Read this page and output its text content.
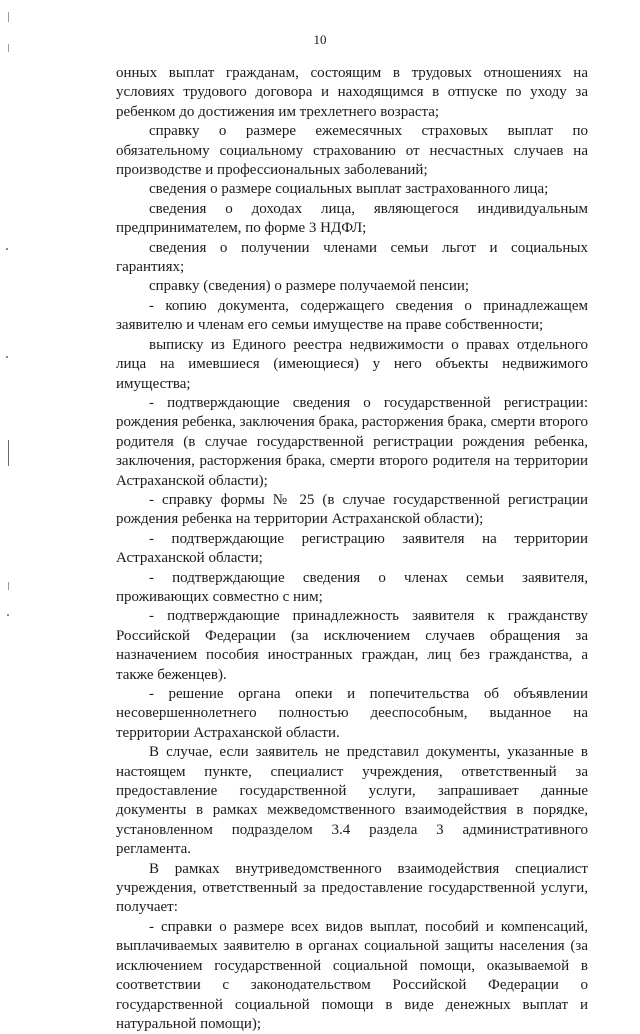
10

онных выплат гражданам, состоящим в трудовых отношениях на условиях трудового договора и находящимся в отпуске по уходу за ребенком до достижения им трехлетнего возраста;

справку о размере ежемесячных страховых выплат по обязательному социальному страхованию от несчастных случаев на производстве и профессиональных заболеваний;

сведения о размере социальных выплат застрахованного лица;

сведения о доходах лица, являющегося индивидуальным предпринимателем, по форме 3 НДФЛ;

сведения о получении членами семьи льгот и социальных гарантиях;

справку (сведения) о размере получаемой пенсии;

- копию документа, содержащего сведения о принадлежащем заявителю и членам его семьи имуществе на праве собственности;

выписку из Единого реестра недвижимости о правах отдельного лица на имевшиеся (имеющиеся) у него объекты недвижимого имущества;

- подтверждающие сведения о государственной регистрации: рождения ребенка, заключения брака, расторжения брака, смерти второго родителя (в случае государственной регистрации рождения ребенка, заключения, расторжения брака, смерти второго родителя на территории Астраханской области);

- справку формы № 25 (в случае государственной регистрации рождения ребенка на территории Астраханской области);

- подтверждающие регистрацию заявителя на территории Астраханской области;

- подтверждающие сведения о членах семьи заявителя, проживающих совместно с ним;

- подтверждающие принадлежность заявителя к гражданству Российской Федерации (за исключением случаев обращения за назначением пособия иностранных граждан, лиц без гражданства, а также беженцев).

- решение органа опеки и попечительства об объявлении несовершеннолетнего полностью дееспособным, выданное на территории Астраханской области.

В случае, если заявитель не представил документы, указанные в настоящем пункте, специалист учреждения, ответственный за предоставление государственной услуги, запрашивает данные документы в рамках межведомственного взаимодействия в порядке, установленном подразделом 3.4 раздела 3 административного регламента.

В рамках внутриведомственного взаимодействия специалист учреждения, ответственный за предоставление государственной услуги, получает:

- справки о размере всех видов выплат, пособий и компенсаций, выплачиваемых заявителю в органах социальной защиты населения (за исключением государственной социальной помощи, оказываемой в соответствии с законодательством Российской Федерации о государственной социальной помощи в виде денежных выплат и натуральной помощи);
